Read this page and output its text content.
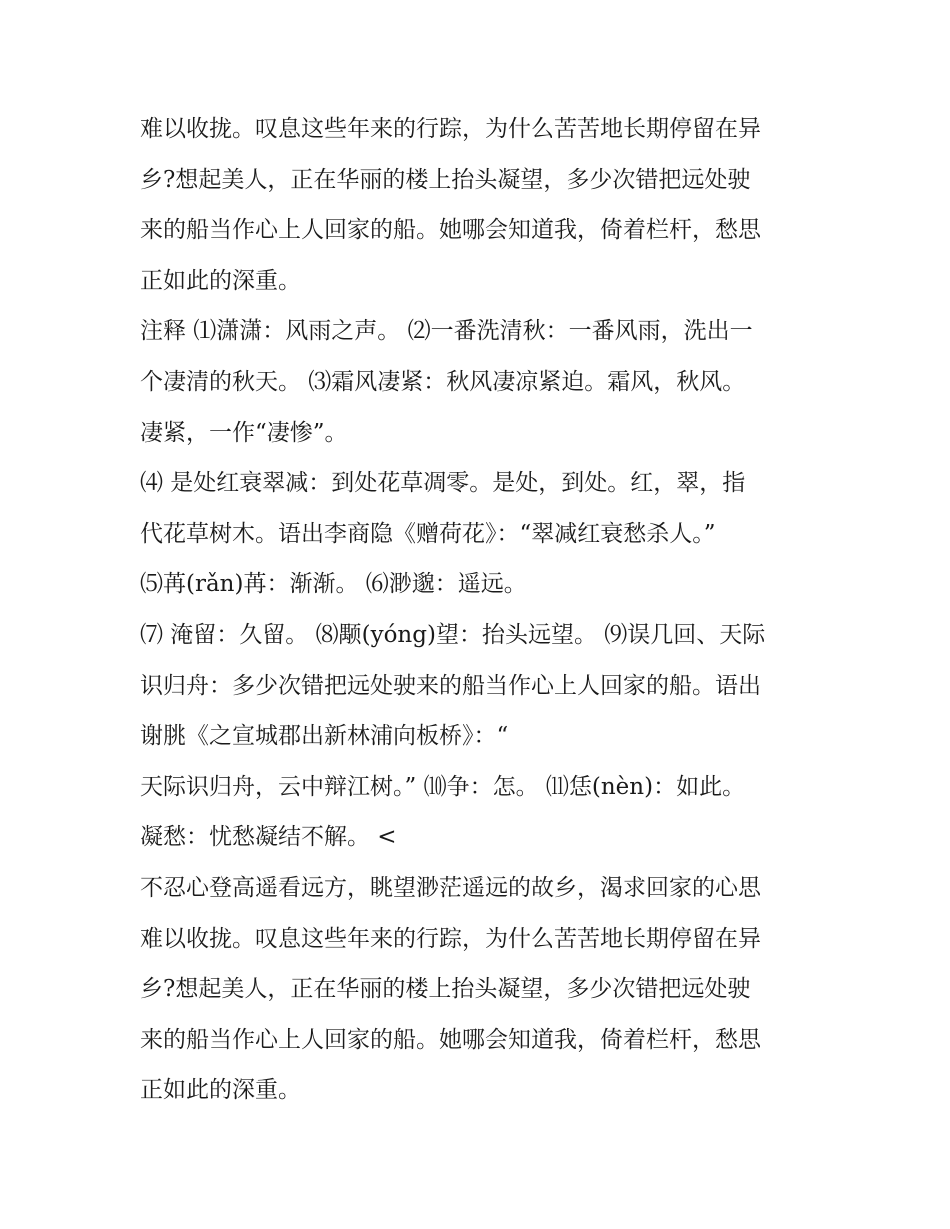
难以收拢。叹息这些年来的行踪，为什么苦苦地长期停留在异
乡?想起美人，正在华丽的楼上抬头凝望，多少次错把远处驶
来的船当作心上人回家的船。她哪会知道我，倚着栏杆，愁思
正如此的深重。
注释 ⑴潇潇：风雨之声。 ⑵一番洗清秋：一番风雨，洗出一
个凄清的秋天。 ⑶霜风凄紧：秋风凄凉紧迫。霜风，秋风。
凄紧，一作“凄惨”。
⑷ 是处红衰翠减：到处花草凋零。是处，到处。红，翠，指
代花草树木。语出李商隐《赠荷花》：“翠减红衰愁杀人。”
⑸苒(rǎn)苒：渐渐。 ⑹渺邈：遥远。
⑺ 淹留：久留。 ⑻颙(yóng)望：抬头远望。 ⑼误几回、天际
识归舟：多少次错把远处驶来的船当作心上人回家的船。语出
谢朓《之宣城郡出新林浦向板桥》：“
天际识归舟，云中辩江树。” ⑽争：怎。 ⑾恁(nèn)：如此。
凝愁：忧愁凝结不解。 <
不忍心登高遥看远方，眺望渺茫遥远的故乡，渴求回家的心思
难以收拢。叹息这些年来的行踪，为什么苦苦地长期停留在异
乡?想起美人，正在华丽的楼上抬头凝望，多少次错把远处驶
来的船当作心上人回家的船。她哪会知道我，倚着栏杆，愁思
正如此的深重。
